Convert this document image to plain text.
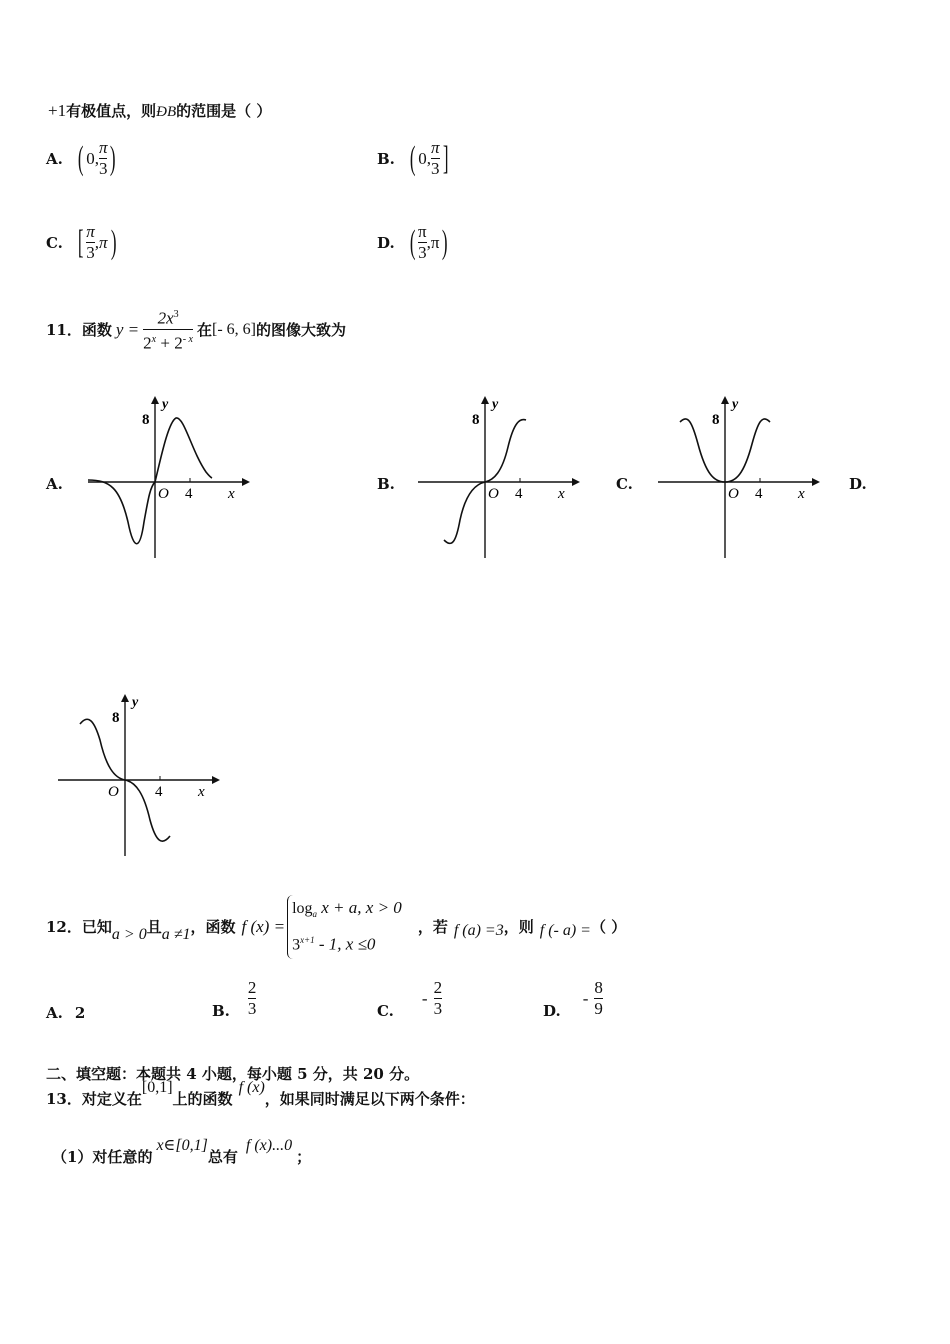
+1有极值点，则ÐB的范围是（ ）
A. ( 0, $\frac{\pi}{3}$ )	B. ( 0, $\frac{\pi}{3}$ ]
C. [ $\frac{\pi}{3} ,\pi$ )	D. ( $\frac{\pi}{3} ,\pi$ )
11． 函数 $y = \frac{2x^3}{2^x + 2^{- x}}$ 在 [- 6, 6] 的图像大致为
A.	B.	C.	D.
8
y
O 4 x
8
y
O 4 x
8
y
O 4 x
8
y
O 4 x
12． 已知 a > 0 且 a ≠1 ，函数 f (x) =
$\log_a x + a$, x > 0
$3^{x+1} - 1$, x ≤0
，若 f (a) =3 ，则 f (- a) = （ ）
A. 2	B. $\frac{2}{3}$	C.
- $\frac{2}{3}$	D.
- $\frac{8}{9}$
二、填空题：本题共 4 小题，每小题 5 分，共 20 分。
13． 对定义在
[0,1]
上的函数
f (x)
，如果同时满足以下两个条件：
（1）对任意的
x∈[0,1]
总有
f (x)...0
；
